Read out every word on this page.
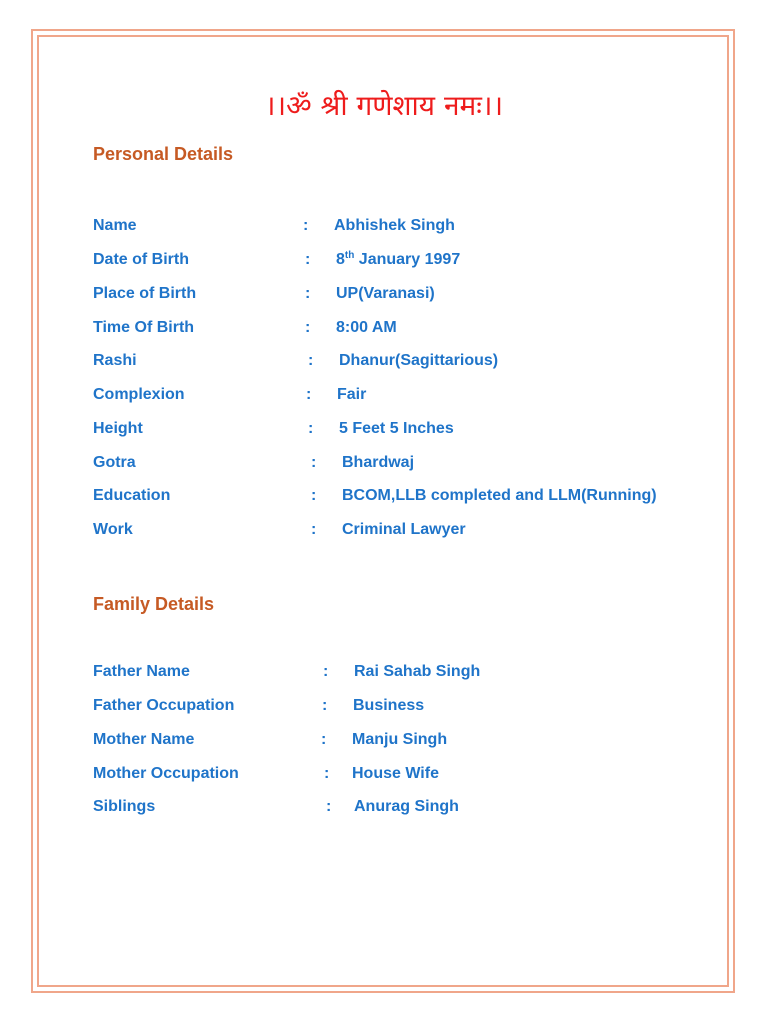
।।ॐ श्री गणेशाय नमः।।
Personal Details
Name	: Abhishek Singh
Date of Birth	: 8th January 1997
Place of Birth	: UP(Varanasi)
Time Of Birth	: 8:00 AM
Rashi	: Dhanur(Sagittarious)
Complexion	: Fair
Height	: 5 Feet 5 Inches
Gotra	: Bhardwaj
Education	: BCOM,LLB completed and LLM(Running)
Work	: Criminal Lawyer
Family Details
Father Name	: Rai Sahab Singh
Father Occupation	: Business
Mother Name	: Manju Singh
Mother Occupation	: House Wife
Siblings	: Anurag Singh
